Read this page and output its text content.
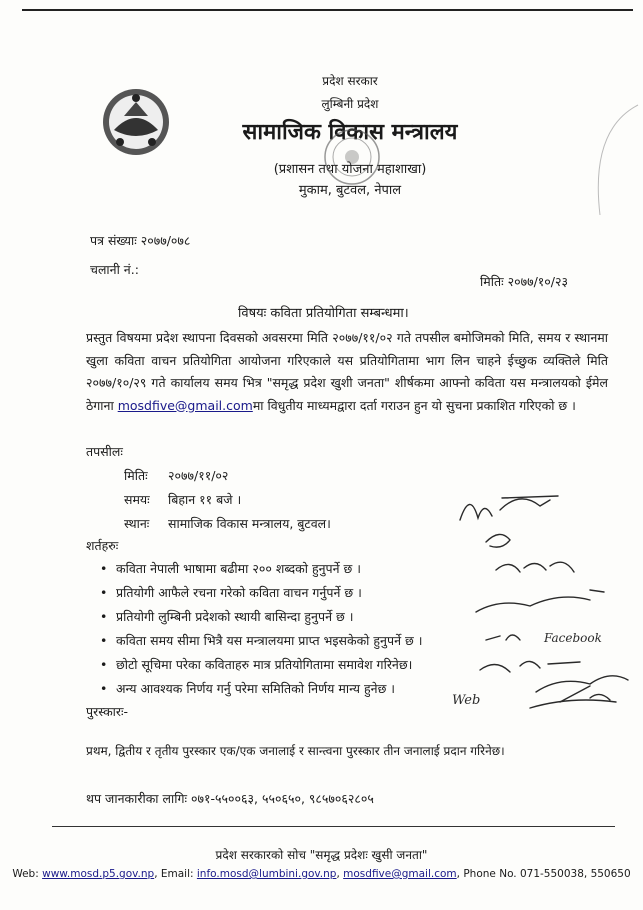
प्रदेश सरकार
लुम्बिनी प्रदेश
सामाजिक विकास मन्त्रालय
(प्रशासन तथा योजना महाशाखा)
मुकाम, बुटवल, नेपाल
पत्र संख्याः २०७७/०७८
चलानी नं.:
मितिः २०७७/१०/२३
विषयः कविता प्रतियोगिता सम्बन्धमा।
प्रस्तुत विषयमा प्रदेश स्थापना दिवसको अवसरमा मिति २०७७/११/०२ गते तपसील बमोजिमको मिति, समय र स्थानमा खुला कविता वाचन प्रतियोगिता आयोजना गरिएकाले यस प्रतियोगितामा भाग लिन चाहने ईच्छुक व्यक्तिले मिति २०७७/१०/२९ गते कार्यालय समय भित्र "समृद्ध प्रदेश खुशी जनता" शीर्षकमा आफ्नो कविता यस मन्त्रालयको ईमेल ठेगाना mosdfive@gmail.comमा विधुतीय माध्यमद्वारा दर्ता गराउन हुन यो सुचना प्रकाशित गरिएको छ ।
तपसीलः
मितिः २०७७/११/०२
समयः बिहान ११ बजे ।
स्थानः सामाजिक विकास मन्त्रालय, बुटवल।
शर्तहरुः
• कविता नेपाली भाषामा बढीमा २०० शब्दको हुनुपर्ने छ ।
• प्रतियोगी आफैले रचना गरेको कविता वाचन गर्नुपर्ने छ ।
• प्रतियोगी लुम्बिनी प्रदेशको स्थायी बासिन्दा हुनुपर्ने छ ।
• कविता समय सीमा भित्रै यस मन्त्रालयमा प्राप्त भइसकेको हुनुपर्ने छ ।
• छोटो सूचिमा परेका कविताहरु मात्र प्रतियोगितामा समावेश गरिनेछ।
• अन्य आवश्यक निर्णय गर्नु परेमा समितिको निर्णय मान्य हुनेछ ।
पुरस्कारः-
प्रथम, द्वितीय र तृतीय पुरस्कार एक/एक जनालाई र सान्त्वना पुरस्कार तीन जनालाई प्रदान गरिनेछ।
थप जानकारीका लागिः ०७१-५५००६३, ५५०६५०, ९८५७०६२८०५
प्रदेश सरकारको सोच "समृद्ध प्रदेशः खुसी जनता"
Web: www.mosd.p5.gov.np, Email: info.mosd@lumbini.gov.np, mosdfive@gmail.com, Phone No. 071-550038, 550650
Web
Facebook
